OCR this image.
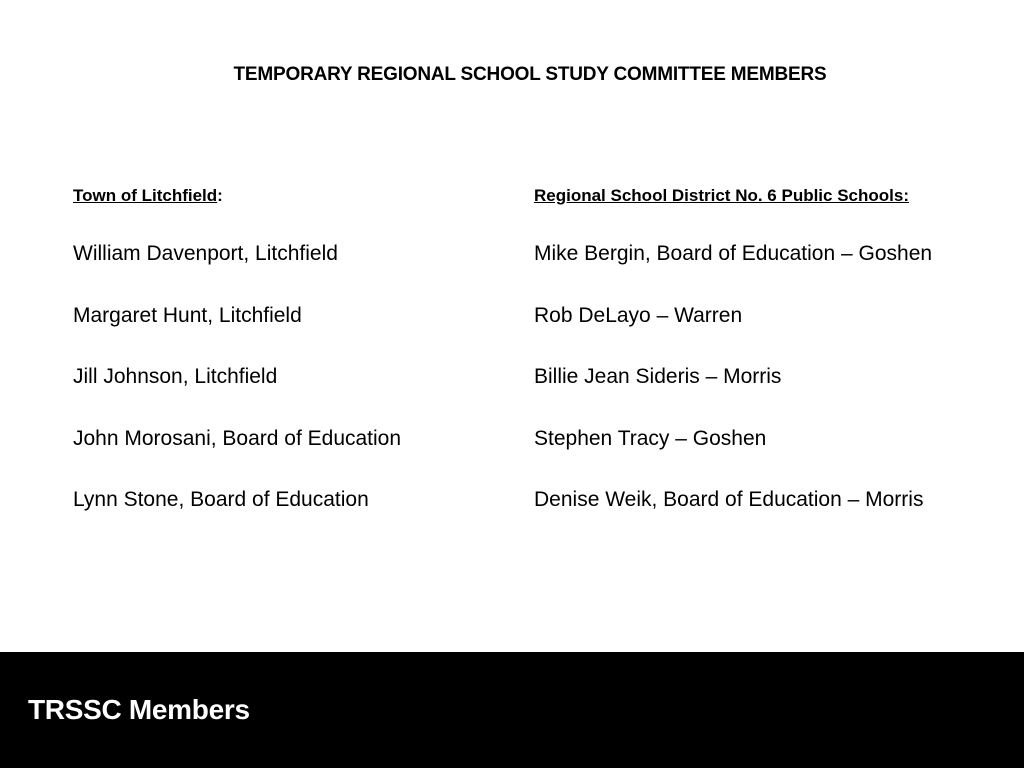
TEMPORARY REGIONAL SCHOOL STUDY COMMITTEE MEMBERS
Town of Litchfield:
William Davenport, Litchfield
Margaret Hunt, Litchfield
Jill Johnson, Litchfield
John Morosani, Board of Education
Lynn Stone, Board of Education
Regional School District No. 6 Public Schools:
Mike Bergin, Board of Education – Goshen
Rob DeLayo – Warren
Billie Jean Sideris – Morris
Stephen Tracy – Goshen
Denise Weik, Board of Education – Morris
TRSSC Members
